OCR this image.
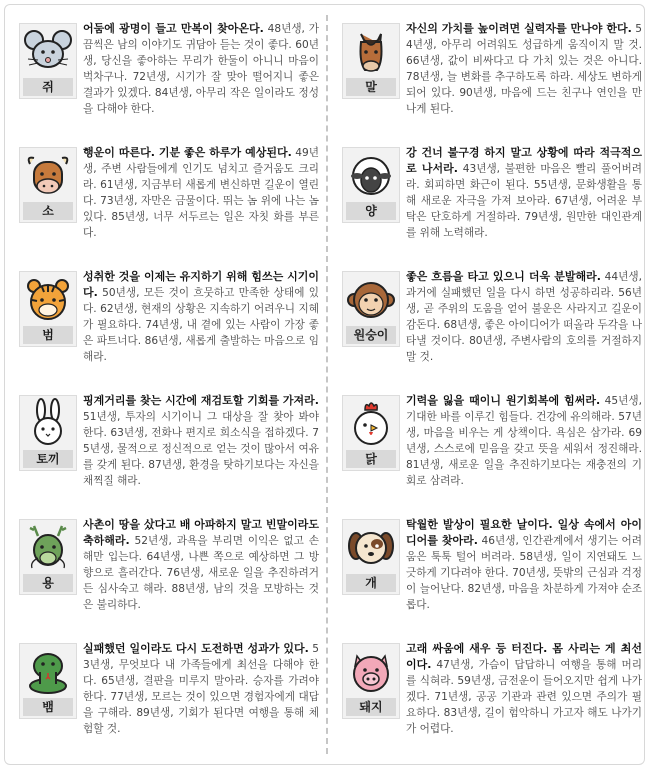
쥐

어둠에 광명이 들고 만복이 찾아온다. 48년생, 가끔씩은 남의 이야기도 귀담아 듣는 것이 좋다. 60년생, 당신을 좋아하는 무리가 한둘이 아니니 마음이 벅차구나. 72년생, 시기가 잘 맞아 떨어지니 좋은 결과가 있겠다. 84년생, 아무리 작은 일이라도 정성을 다해야 한다.

말

자신의 가치를 높이려면 실력자를 만나야 한다. 54년생, 아무리 어려워도 성급하게 움직이지 말 것. 66년생, 값이 비싸다고 다 가치 있는 것은 아니다. 78년생, 늘 변화를 추구하도록 하라. 세상도 변하게 되어 있다. 90년생, 마음에 드는 친구나 연인을 만나게 된다.

소

행운이 따른다. 기분 좋은 하루가 예상된다. 49년생, 주변 사람들에게 인기도 넘치고 즐거움도 크리라. 61년생, 지금부터 새롭게 변신하면 길운이 열린다. 73년생, 자만은 금물이다. 뛰는 놈 위에 나는 놈 있다. 85년생, 너무 서두르는 일은 자칫 화를 부른다.

양

강 건너 불구경 하지 말고 상황에 따라 적극적으로 나서라. 43년생, 불편한 마음은 빨리 풀어버려라. 회피하면 화근이 된다. 55년생, 문화생활을 통해 새로운 자극을 가져 보아라. 67년생, 어려운 부탁은 단호하게 거절하라. 79년생, 원만한 대인관계를 위해 노력해라.

범

성취한 것을 이제는 유지하기 위해 힘쓰는 시기이다. 50년생, 모든 것이 흐뭇하고 만족한 상태에 있다. 62년생, 현재의 상황은 지속하기 어려우니 지혜가 필요하다. 74년생, 내 곁에 있는 사람이 가장 좋은 파트너다. 86년생, 새롭게 출발하는 마음으로 임해라.

원숭이

좋은 흐름을 타고 있으니 더욱 분발해라. 44년생, 과거에 실패했던 일을 다시 하면 성공하리라. 56년생, 곧 주위의 도움을 얻어 불운은 사라지고 길운이 감돈다. 68년생, 좋은 아이디어가 떠올라 두각을 나타낼 것이다. 80년생, 주변사람의 호의를 거절하지 말 것.

토끼

핑계거리를 찾는 시간에 재검토할 기회를 가져라. 51년생, 투자의 시기이니 그 대상을 잘 찾아 봐야 한다. 63년생, 전화나 편지로 희소식을 접하겠다. 75년생, 물적으로 정신적으로 얻는 것이 많아서 여유를 갖게 된다. 87년생, 환경을 탓하기보다는 자신을 채찍질 해라.

닭

기력을 잃을 때이니 원기회복에 힘써라. 45년생, 기대한 바를 이루긴 힘들다. 건강에 유의해라. 57년생, 마음을 비우는 게 상책이다. 욕심은 삼가라. 69년생, 스스로에 믿음을 갖고 뜻을 세워서 정진해라. 81년생, 새로운 일을 추진하기보다는 재충전의 기회로 삼려라.

용

사촌이 땅을 샀다고 배 아파하지 말고 빈말이라도 축하해라. 52년생, 과욕을 부리면 이익은 없고 손해만 입는다. 64년생, 나쁜 쪽으로 예상하면 그 방향으로 흘러간다. 76년생, 새로운 일을 추진하려거든 심사숙고 해라. 88년생, 남의 것을 모방하는 것은 불리하다.

개

탁월한 발상이 필요한 날이다. 일상 속에서 아이디어를 찾아라. 46년생, 인간관계에서 생기는 어려움은 툭툭 털어 버려라. 58년생, 일이 지연돼도 느긋하게 기다려야 한다. 70년생, 뜻밖의 근심과 걱정이 늘어난다. 82년생, 마음을 차분하게 가져야 순조롭다.

뱀

실패했던 일이라도 다시 도전하면 성과가 있다. 53년생, 무엇보다 내 가족들에게 최선을 다해야 한다. 65년생, 결판을 미루지 말아라. 승자를 가려야 한다. 77년생, 모르는 것이 있으면 경험자에게 대답을 구해라. 89년생, 기회가 된다면 여행을 통해 체험할 것.

돼지

고래 싸움에 새우 등 터진다. 몸 사리는 게 최선이다. 47년생, 가슴이 답답하니 여행을 통해 머리를 식혀라. 59년생, 금전운이 들어오지만 쉽게 나가겠다. 71년생, 공공 기관과 관련 있으면 주의가 필요하다. 83년생, 길이 험악하니 가고자 해도 나가기가 어렵다.
